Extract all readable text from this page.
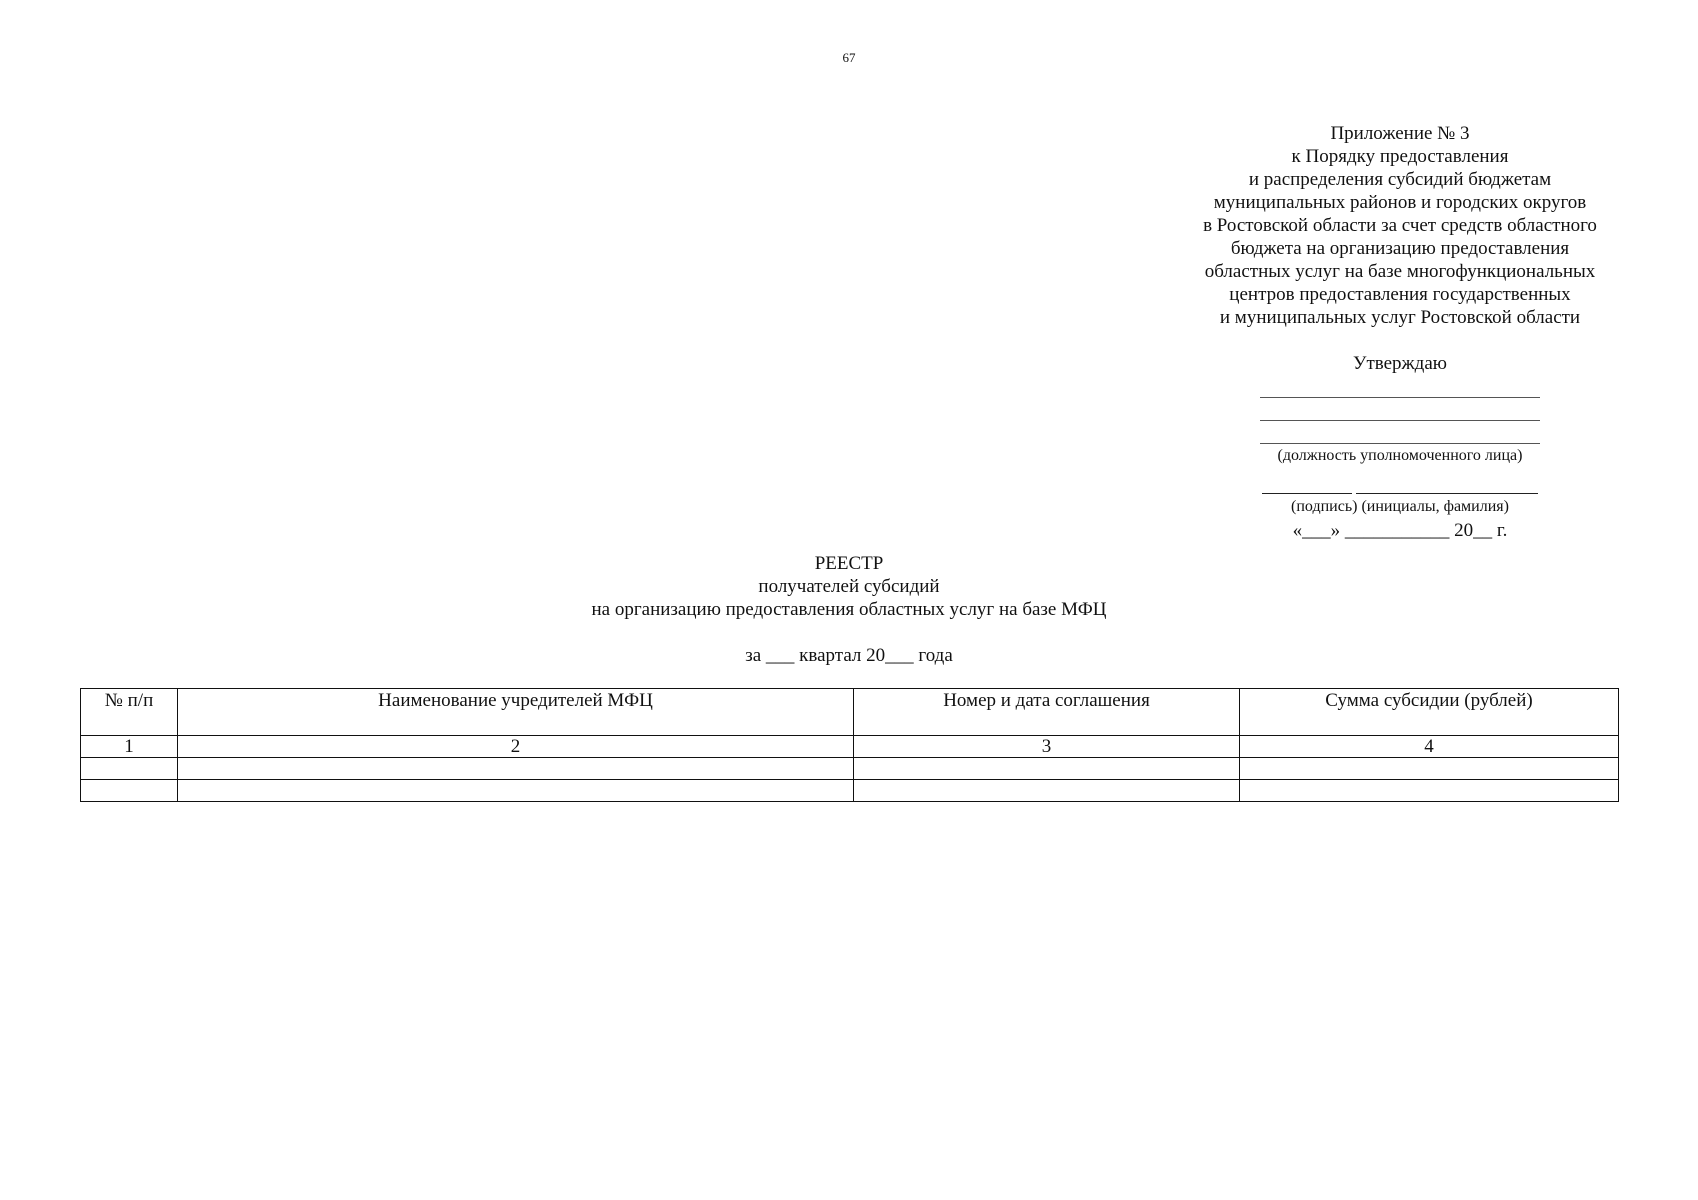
67
Приложение № 3
к Порядку предоставления
и распределения субсидий бюджетам
муниципальных районов и городских округов
в Ростовской области за счет средств областного
бюджета на организацию предоставления
областных услуг на базе многофункциональных
центров предоставления государственных
и муниципальных услуг Ростовской области
Утверждаю
(должность уполномоченного лица)
(подпись) (инициалы, фамилия)
«___» ___________ 20__ г.
РЕЕСТР
получателей субсидий
на организацию предоставления областных услуг на базе МФЦ
за ___ квартал 20___ года
№ п/п	Наименование учредителей МФЦ	Номер и дата соглашения	Сумма субсидии (рублей)
1	2	3	4
